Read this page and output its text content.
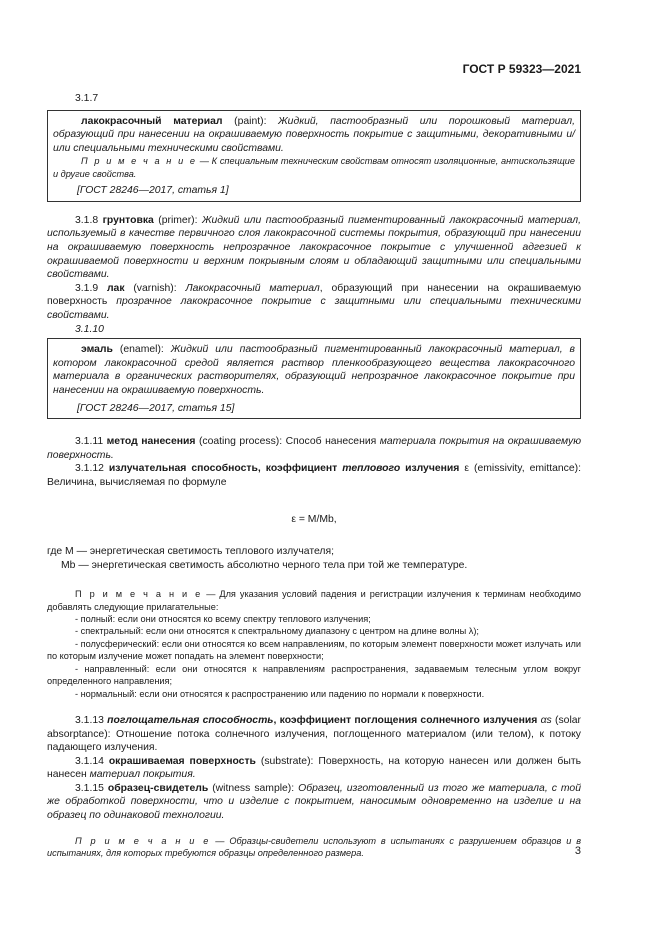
ГОСТ Р 59323—2021
3.1.7

лакокрасочный материал (paint): Жидкий, пастообразный или порошковый материал, образующий при нанесении на окрашиваемую поверхность покрытие с защитными, декоративными и/или специальными техническими свойствами.

П р и м е ч а н и е — К специальным техническим свойствам относят изоляционные, антискользящие и другие свойства.

[ГОСТ 28246—2017, статья 1]

3.1.8 грунтовка (primer): Жидкий или пастообразный пигментированный лакокрасочный материал, используемый в качестве первичного слоя лакокрасочной системы покрытия, образующий при нанесении на окрашиваемую поверхность непрозрачное лакокрасочное покрытие с улучшенной адгезией к окрашиваемой поверхности и верхним покрывным слоям и обладающий защитными или специальными свойствами.

3.1.9 лак (varnish): Лакокрасочный материал, образующий при нанесении на окрашиваемую поверхность прозрачное лакокрасочное покрытие с защитными или специальными техническими свойствами.

3.1.10

эмаль (enamel): Жидкий или пастообразный пигментированный лакокрасочный материал, в котором лакокрасочной средой является раствор пленкообразующего вещества лакокрасочного материала в органических растворителях, образующий непрозрачное лакокрасочное покрытие при нанесении на окрашиваемую поверхность.

[ГОСТ 28246—2017, статья 15]

3.1.11 метод нанесения (coating process): Способ нанесения материала покрытия на окрашиваемую поверхность.

3.1.12 излучательная способность, коэффициент теплового излучения ε (emissivity, emittance): Величина, вычисляемая по формуле

ε = M/Mb,

где M — энергетическая светимость теплового излучателя;

Mb — энергетическая светимость абсолютно черного тела при той же температуре.

П р и м е ч а н и е — Для указания условий падения и регистрации излучения к терминам необходимо добавлять следующие прилагательные:

- полный: если они относятся ко всему спектру теплового излучения;

- спектральный: если они относятся к спектральному диапазону с центром на длине волны λ);

- полусферический: если они относятся ко всем направлениям, по которым элемент поверхности может излучать или по которым излучение может попадать на элемент поверхности;

- направленный: если они относятся к направлениям распространения, задаваемым телесным углом вокруг определенного направления;

- нормальный: если они относятся к распространению или падению по нормали к поверхности.

3.1.13 поглощательная способность, коэффициент поглощения солнечного излучения αs (solar absorptance): Отношение потока солнечного излучения, поглощенного материалом (или телом), к потоку падающего излучения.

3.1.14 окрашиваемая поверхность (substrate): Поверхность, на которую нанесен или должен быть нанесен материал покрытия.

3.1.15 образец-свидетель (witness sample): Образец, изготовленный из того же материала, с той же обработкой поверхности, что и изделие с покрытием, наносимым одновременно на изделие и на образец по одинаковой технологии.

П р и м е ч а н и е — Образцы-свидетели используют в испытаниях с разрушением образцов и в испытаниях, для которых требуются образцы определенного размера.	3
